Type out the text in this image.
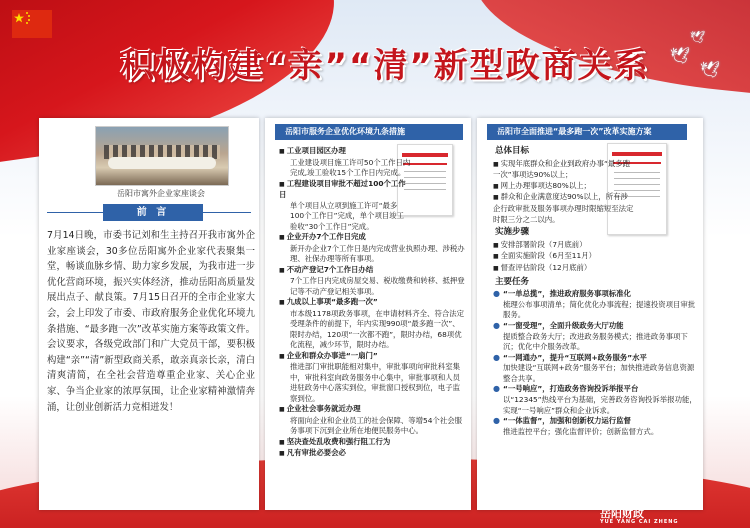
积极构建“亲”“清”新型政商关系	🕊
🕊
🕊
岳阳市寓外企业家座谈会
前 言
7月14日晚，市委书记刘和生主持召开我市寓外企业家座谈会，30多位岳阳寓外企业家代表聚集一堂，畅谈血脉乡情、助力家乡发展，为我市进一步优化营商环境，振兴实体经济，推动岳阳高质量发展出点子、献良策。7月15日召开的全市企业家大会，会上印发了市委、市政府服务企业优化环境九条措施、“最多跑一次”改革实施方案等政策文件。会议要求，各级党政部门和广大党员干部，要积极构建“亲”“清”新型政商关系，敢亲真亲长亲，清白清爽清简，在全社会营造尊重企业家、关心企业家、争当企业家的浓厚氛围，让企业家精神激情奔涌，让创业创新活力竞相迸发！
岳阳市服务企业优化环境九条措施
■ 工业项目园区办理
工业建设项目施工许可50个工作日内完成,竣工验收15个工作日内完成。
■ 工程建设项目审批不超过100个工作日
单个项目从立项到施工许可“最多100个工作日”完成，单个项目竣工验收“30个工作日”完成。
■ 企业开办7个工作日完成
新开办企业7个工作日是内完成营业执照办理、涉税办理、社保办理等所有事项。
■ 不动产登记7个工作日办结
7个工作日内完成房屋交易、税收缴费和转移、抵押登记等不动产登记相关事项。
■ 九成以上事项“最多跑一次”
市本级1178项政务事项，在申请材料齐全、符合法定受理条件的前提下，年内实现990项“最多跑一次”、限时办结，120项“一次都不跑”，限时办结，68项优化流程，减少环节，限时办结。
■ 企业和群众办事进“一扇门”
推进部门审批职能相对集中，审批事项向审批科室集中，审批科室向政务服务中心集中，审批事项和人员进驻政务中心落实到位，审批窗口授权到位，电子监察到位。
■ 企业社会事务就近办理
将面向企业和企业员工的社会保障、等增54个社会服务事项下沉到企业所在地便民服务中心。
■ 坚决查处乱收费和强行阻工行为
■ 凡有审批必要会必
岳阳市全面推进“最多跑一次”改革实施方案
总体目标
■ 实现年底群众和企业到政府办事“最多跑一次”事项达90%以上；
■ 网上办理事项达80%以上；
■ 群众和企业满意度达90%以上，所有涉企行政审批及服务事项办理时限缩短至法定时限三分之二以内。
实施步骤
■ 安排部署阶段（7月底前）
■ 全面实施阶段（6月至11月）
■ 督查评估阶段（12月底前）
主要任务
● “一单总揽”，推进政府服务事项标准化
梳理公布事项清单；简化优化办事流程；提速投资项目审批服务。
● “一窗受理”，全面升级政务大厅功能
提质整合政务大厅；改进政务服务模式；推进政务事项下沉；优化中介服务改革。
● “一网通办”，提升“互联网+政务服务”水平
加快建设“互联网+政务”服务平台；加快推进政务信息资源整合共享。
● “一号响应”，打造政务咨询投诉举报平台
以“12345”热线平台为基础，完善政务咨询投诉举报功能，实现“一号响应”群众和企业诉求。
● “一体监督”，加强和创新权力运行监督
推进监控平台；强化监督评价；创新监督方式。
岳阳财政
YUE YANG CAI ZHENG
